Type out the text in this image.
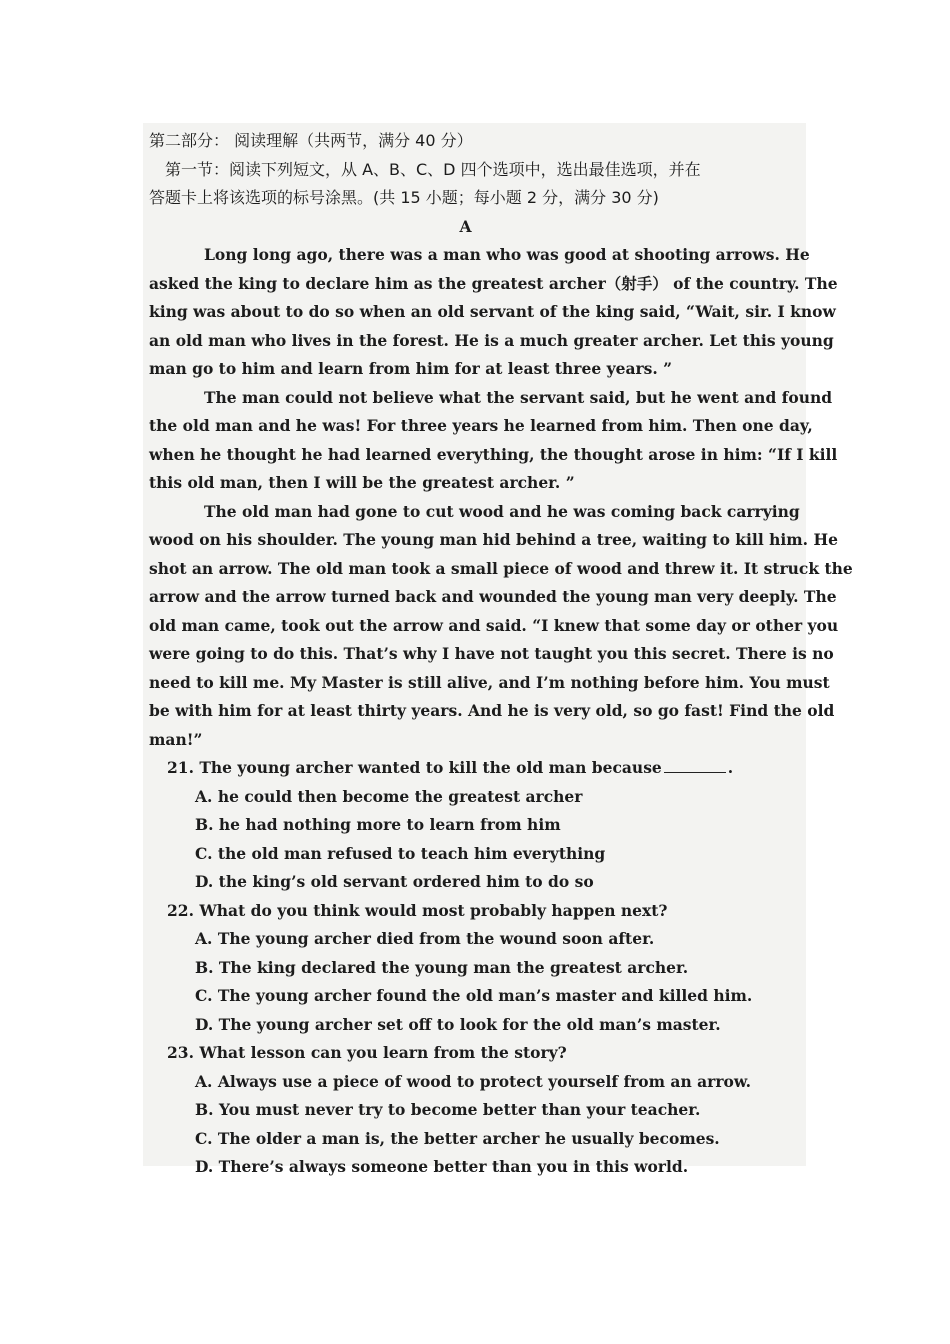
第二部分： 阅读理解（共两节，满分 40 分）
　第一节：阅读下列短文，从 A、B、C、D 四个选项中，选出最佳选项，并在
答题卡上将该选项的标号涂黑。(共 15 小题；每小题 2 分，满分 30 分)
A
Long long ago, there was a man who was good at shooting arrows. He
asked the king to declare him as the greatest archer（射手） of the country. The
king was about to do so when an old servant of the king said, “Wait, sir. I know
an old man who lives in the forest. He is a much greater archer. Let this young
man go to him and learn from him for at least three years. ”
The man could not believe what the servant said, but he went and found
the old man and he was! For three years he learned from him. Then one day,
when he thought he had learned everything, the thought arose in him: “If I kill
this old man, then I will be the greatest archer. ”
The old man had gone to cut wood and he was coming back carrying
wood on his shoulder. The young man hid behind a tree, waiting to kill him. He
shot an arrow. The old man took a small piece of wood and threw it. It struck the
arrow and the arrow turned back and wounded the young man very deeply. The
old man came, took out the arrow and said. “I knew that some day or other you
were going to do this. That’s why I have not taught you this secret. There is no
need to kill me. My Master is still alive, and I’m nothing before him. You must
be with him for at least thirty years. And he is very old, so go fast! Find the old
man!”
21. The young archer wanted to kill the old man because	.
A. he could then become the greatest archer
B. he had nothing more to learn from him
C. the old man refused to teach him everything
D. the king’s old servant ordered him to do so
22. What do you think would most probably happen next?
A. The young archer died from the wound soon after.
B. The king declared the young man the greatest archer.
C. The young archer found the old man’s master and killed him.
D. The young archer set off to look for the old man’s master.
23. What lesson can you learn from the story?
A. Always use a piece of wood to protect yourself from an arrow.
B. You must never try to become better than your teacher.
C. The older a man is, the better archer he usually becomes.
D. There’s always someone better than you in this world.
